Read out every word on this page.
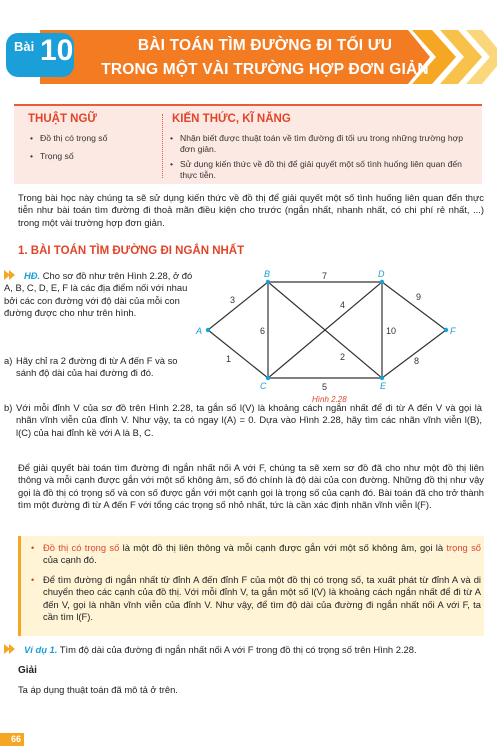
Bài 10	BÀI TOÁN TÌM ĐƯỜNG ĐI TỐI ƯU
TRONG MỘT VÀI TRƯỜNG HỢP ĐƠN GIẢN
THUẬT NGỮ	KIẾN THỨC, KĨ NĂNG
• Đồ thị có trọng số
• Trọng số
• Nhận biết được thuật toán về tìm đường đi tối ưu trong những trường hợp đơn giản.
• Sử dụng kiến thức về đồ thị để giải quyết một số tình huống liên quan đến thực tiễn.

Trong bài học này chúng ta sẽ sử dụng kiến thức về đồ thị để giải quyết một số tình huống liên quan đến thực tiễn như bài toán tìm đường đi thoả mãn điều kiện cho trước (ngắn nhất, nhanh nhất, có chi phí rẻ nhất, ...) trong một vài trường hợp đơn giản.

1. BÀI TOÁN TÌM ĐƯỜNG ĐI NGẮN NHẤT
HĐ. Cho sơ đồ như trên Hình 2.28, ở đó A, B, C, D, E, F là các địa điểm nối với nhau bởi các con đường với độ dài của mỗi con đường được cho như trên hình.
a) Hãy chỉ ra 2 đường đi từ A đến F và so sánh độ dài của hai đường đi đó.
A
B
C
D
E
F
3
7
9
1
5
8
6	10
4
2
Hình 2.28
b) Với mỗi đỉnh V của sơ đồ trên Hình 2.28, ta gắn số l(V) là khoảng cách ngắn nhất để đi từ A đến V và gọi là nhãn vĩnh viễn của đỉnh V. Như vậy, ta có ngay l(A) = 0. Dựa vào Hình 2.28, hãy tìm các nhãn vĩnh viễn l(B), l(C) của hai đỉnh kề với A là B, C.

Để giải quyết bài toán tìm đường đi ngắn nhất nối A với F, chúng ta sẽ xem sơ đồ đã cho như một đồ thị liên thông và mỗi cạnh được gắn với một số không âm, số đó chính là độ dài của con đường. Những đồ thị như vậy gọi là đồ thị có trọng số và con số được gắn với một cạnh gọi là trọng số của cạnh đó. Bài toán đã cho trở thành tìm một đường đi từ A đến F với tổng các trọng số nhỏ nhất, tức là cần xác định nhãn vĩnh viễn l(F).

• Đồ thị có trọng số là một đồ thị liên thông và mỗi cạnh được gắn với một số không âm, gọi là trọng số của cạnh đó.
• Để tìm đường đi ngắn nhất từ đỉnh A đến đỉnh F của một đồ thị có trọng số, ta xuất phát từ đỉnh A và di chuyển theo các cạnh của đồ thị. Với mỗi đỉnh V, ta gắn một số l(V) là khoảng cách ngắn nhất để đi từ A đến V, gọi là nhãn vĩnh viễn của đỉnh V. Như vậy, để tìm độ dài của đường đi ngắn nhất nối A với F, ta cần tìm l(F).
Ví dụ 1. Tìm độ dài của đường đi ngắn nhất nối A với F trong đồ thị có trọng số trên Hình 2.28.
Giải
Ta áp dụng thuật toán đã mô tả ở trên.
66
